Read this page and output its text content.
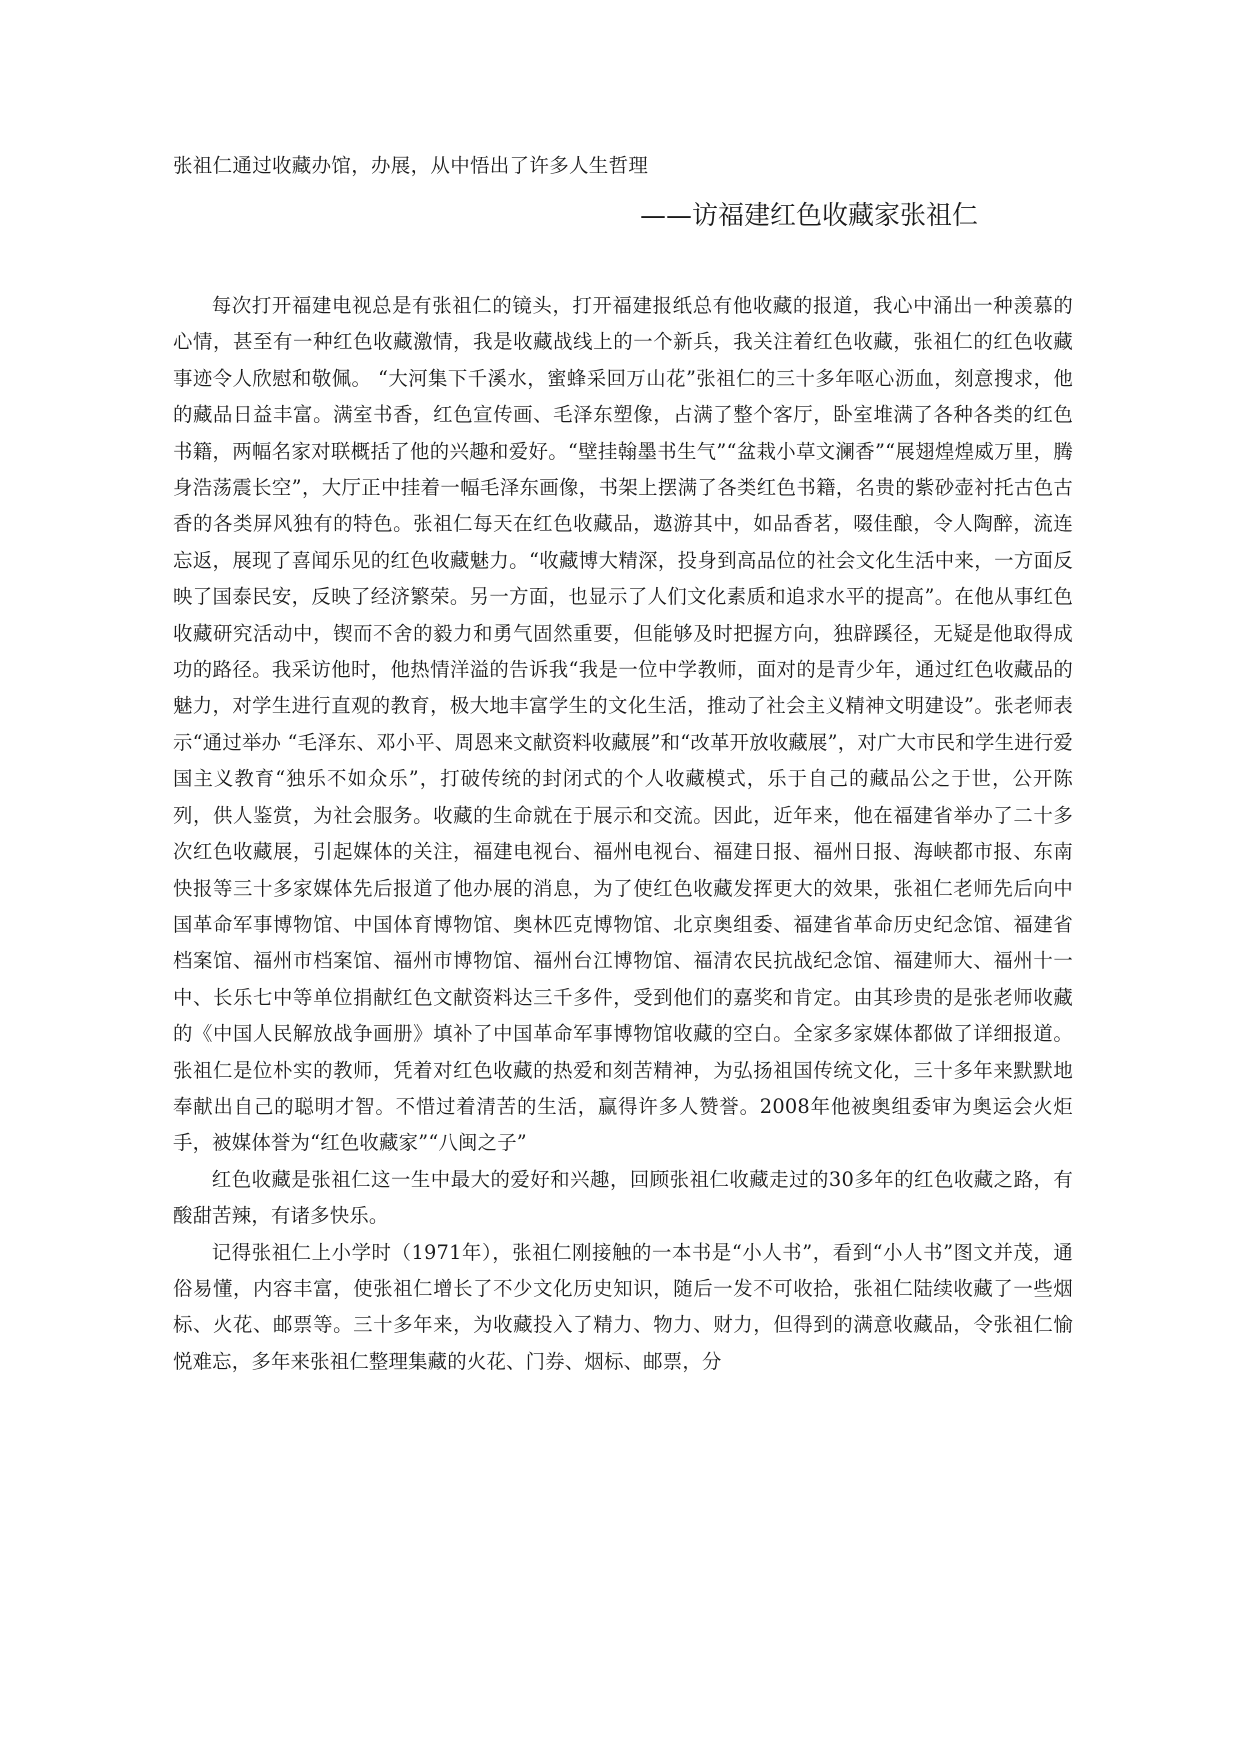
张祖仁通过收藏办馆，办展，从中悟出了许多人生哲理
——访福建红色收藏家张祖仁

每次打开福建电视总是有张祖仁的镜头，打开福建报纸总有他收藏的报道，我心中涌出一种羡慕的心情，甚至有一种红色收藏激情，我是收藏战线上的一个新兵，我关注着红色收藏，张祖仁的红色收藏事迹令人欣慰和敬佩。 “大河集下千溪水，蜜蜂采回万山花”张祖仁的三十多年呕心沥血，刻意搜求，他的藏品日益丰富。满室书香，红色宣传画、毛泽东塑像，占满了整个客厅，卧室堆满了各种各类的红色书籍，两幅名家对联概括了他的兴趣和爱好。“壁挂翰墨书生气”“盆栽小草文澜香”“展翅煌煌威万里，腾身浩荡震长空”，大厅正中挂着一幅毛泽东画像，书架上摆满了各类红色书籍，名贵的紫砂壶衬托古色古香的各类屏风独有的特色。张祖仁每天在红色收藏品，遨游其中，如品香茗，啜佳酿，令人陶醉，流连忘返，展现了喜闻乐见的红色收藏魅力。“收藏博大精深，投身到高品位的社会文化生活中来，一方面反映了国泰民安，反映了经济繁荣。另一方面，也显示了人们文化素质和追求水平的提高”。在他从事红色收藏研究活动中，锲而不舍的毅力和勇气固然重要，但能够及时把握方向，独辟蹊径，无疑是他取得成功的路径。我采访他时，他热情洋溢的告诉我“我是一位中学教师，面对的是青少年，通过红色收藏品的魅力，对学生进行直观的教育，极大地丰富学生的文化生活，推动了社会主义精神文明建设”。张老师表示“通过举办 “毛泽东、邓小平、周恩来文献资料收藏展”和“改革开放收藏展”，对广大市民和学生进行爱国主义教育“独乐不如众乐”，打破传统的封闭式的个人收藏模式，乐于自己的藏品公之于世，公开陈列，供人鉴赏，为社会服务。收藏的生命就在于展示和交流。因此，近年来，他在福建省举办了二十多次红色收藏展，引起媒体的关注，福建电视台、福州电视台、福建日报、福州日报、海峡都市报、东南快报等三十多家媒体先后报道了他办展的消息，为了使红色收藏发挥更大的效果，张祖仁老师先后向中国革命军事博物馆、中国体育博物馆、奥林匹克博物馆、北京奥组委、福建省革命历史纪念馆、福建省档案馆、福州市档案馆、福州市博物馆、福州台江博物馆、福清农民抗战纪念馆、福建师大、福州十一中、长乐七中等单位捐献红色文献资料达三千多件，受到他们的嘉奖和肯定。由其珍贵的是张老师收藏的《中国人民解放战争画册》填补了中国革命军事博物馆收藏的空白。全家多家媒体都做了详细报道。张祖仁是位朴实的教师，凭着对红色收藏的热爱和刻苦精神，为弘扬祖国传统文化，三十多年来默默地奉献出自己的聪明才智。不惜过着清苦的生活，赢得许多人赞誉。2008年他被奥组委审为奥运会火炬手，被媒体誉为“红色收藏家”“八闽之子”

红色收藏是张祖仁这一生中最大的爱好和兴趣，回顾张祖仁收藏走过的30多年的红色收藏之路，有酸甜苦辣，有诸多快乐。

记得张祖仁上小学时（1971年），张祖仁刚接触的一本书是“小人书”，看到“小人书”图文并茂，通俗易懂，内容丰富，使张祖仁增长了不少文化历史知识，随后一发不可收拾，张祖仁陆续收藏了一些烟标、火花、邮票等。三十多年来，为收藏投入了精力、物力、财力，但得到的满意收藏品，令张祖仁愉悦难忘，多年来张祖仁整理集藏的火花、门券、烟标、邮票，分
